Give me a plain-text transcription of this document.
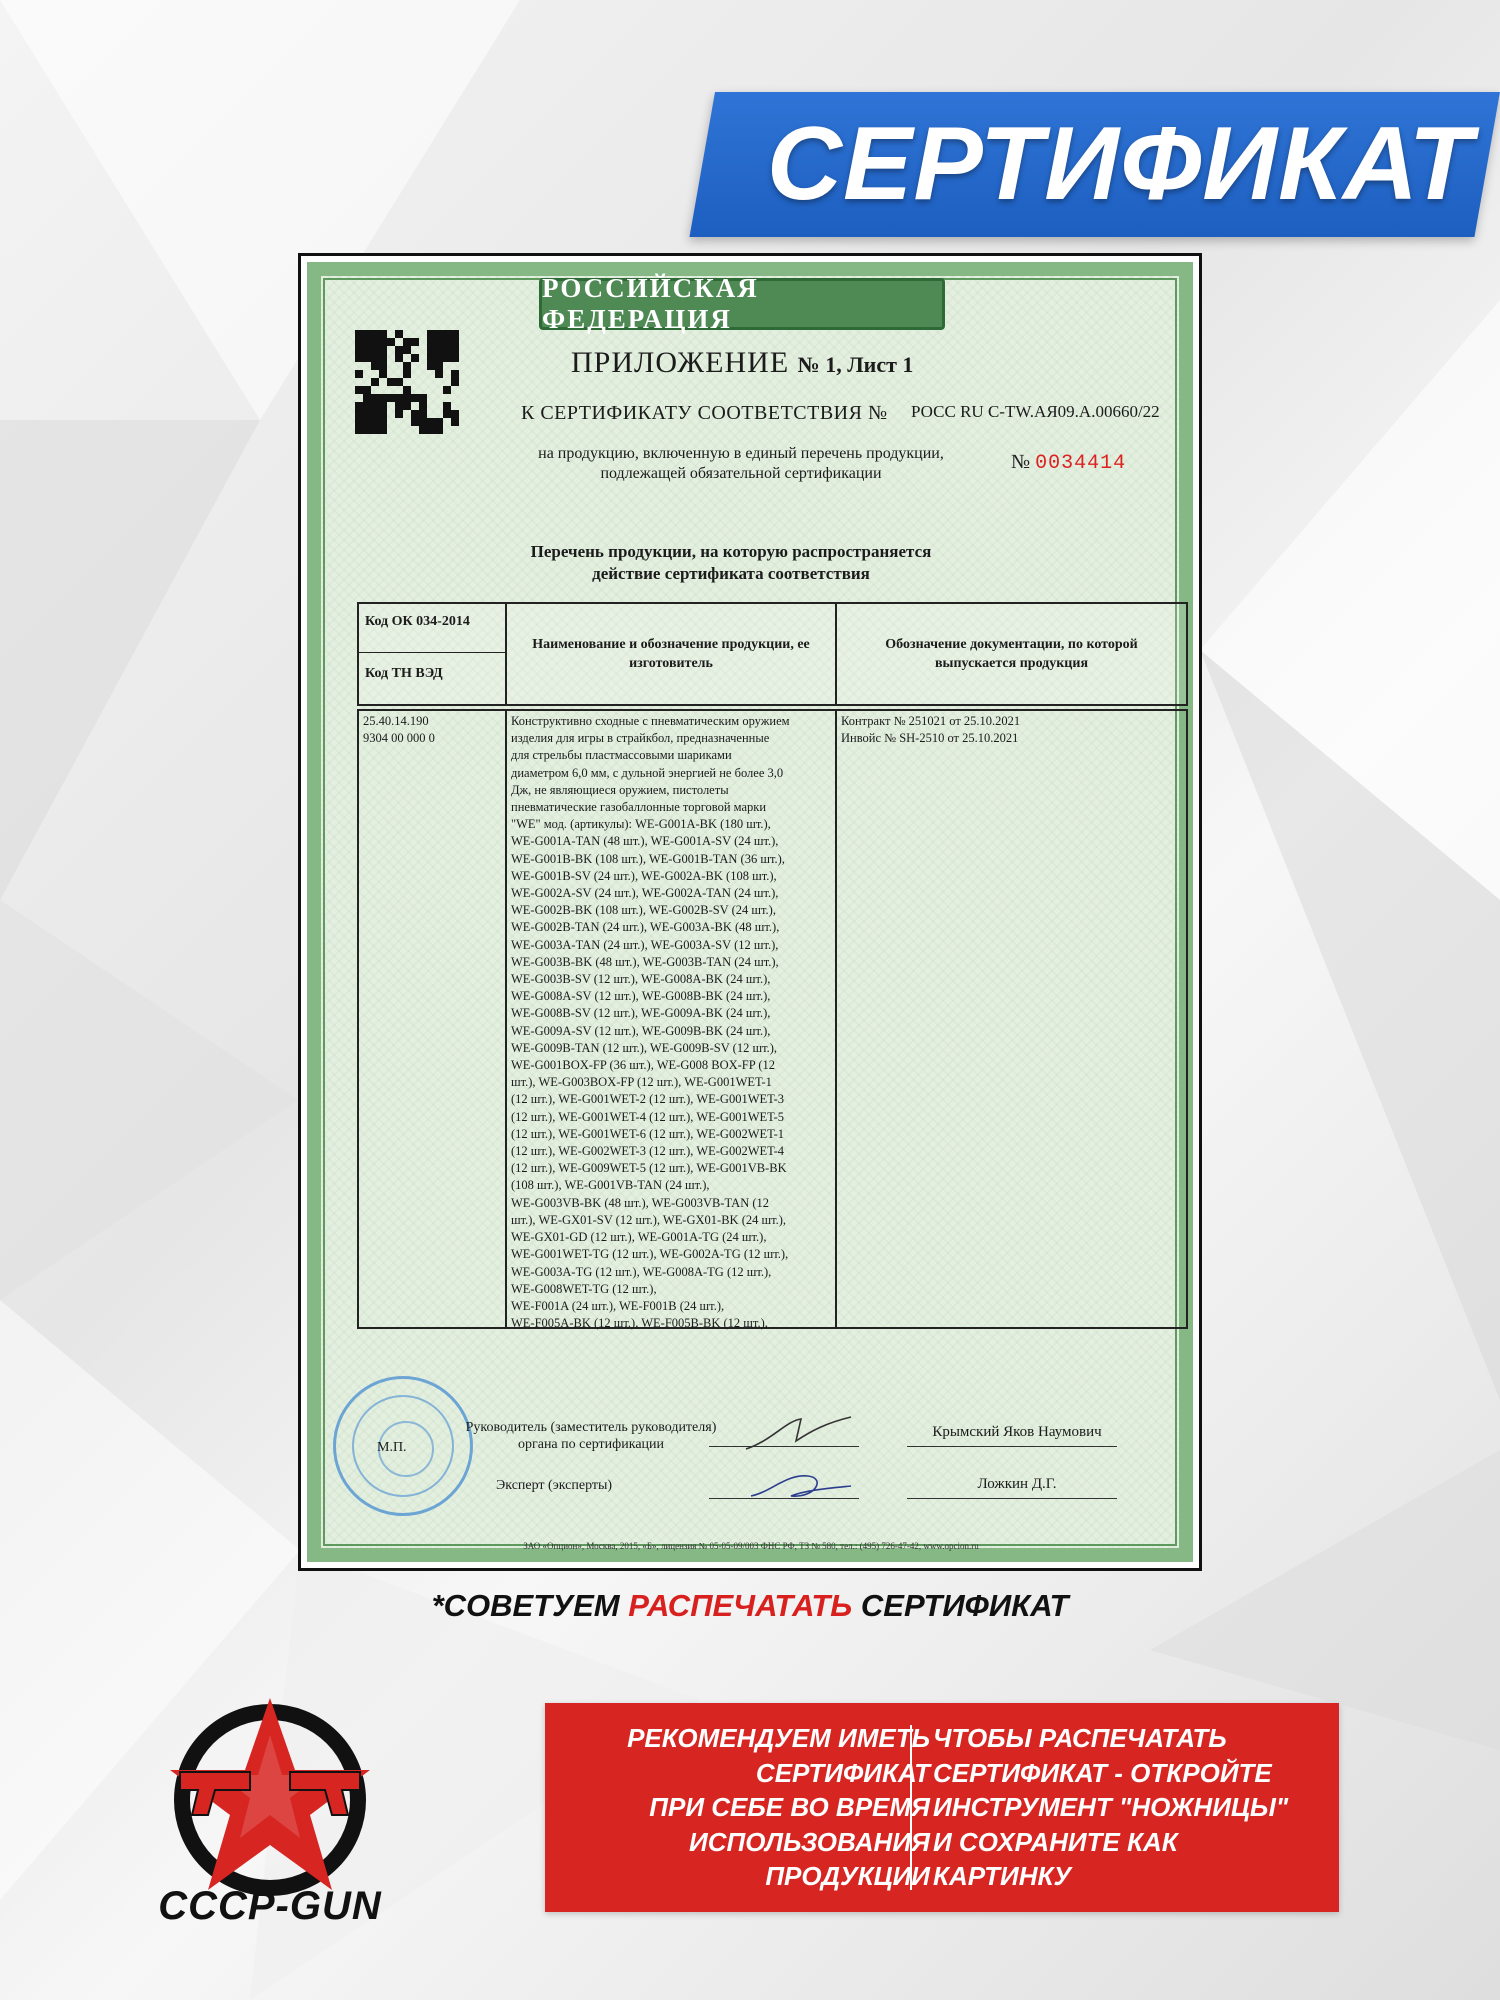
СЕРТИФИКАТ
РОССИЙСКАЯ ФЕДЕРАЦИЯ
ПРИЛОЖЕНИЕ № 1, Лист 1
К СЕРТИФИКАТУ СООТВЕТСТВИЯ № РОСС RU С-TW.АЯ09.А.00660/22
на продукцию, включенную в единый перечень продукции,
подлежащей обязательной сертификации
№ 0034414
Перечень продукции, на которую распространяется
действие сертификата соответствия
Код ОК 034-2014
Код ТН ВЭД
Наименование и обозначение продукции, ее изготовитель
Обозначение документации, по которой выпускается продукция
25.40.14.190
9304 00 000 0
Конструктивно сходные с пневматическим оружием
изделия для игры в страйкбол, предназначенные
для стрельбы пластмассовыми шариками
диаметром 6,0 мм, с дульной энергией не более 3,0
Дж, не являющиеся оружием, пистолеты
пневматические газобаллонные торговой марки
"WE" мод. (артикулы): WE-G001A-BK (180 шт.),
WE-G001A-TAN (48 шт.), WE-G001A-SV (24 шт.),
WE-G001B-BK (108 шт.), WE-G001B-TAN (36 шт.),
WE-G001B-SV (24 шт.), WE-G002A-BK (108 шт.),
WE-G002A-SV (24 шт.), WE-G002A-TAN (24 шт.),
WE-G002B-BK (108 шт.), WE-G002B-SV (24 шт.),
WE-G002B-TAN (24 шт.), WE-G003A-BK (48 шт.),
WE-G003A-TAN (24 шт.), WE-G003A-SV (12 шт.),
WE-G003B-BK (48 шт.), WE-G003B-TAN (24 шт.),
WE-G003B-SV (12 шт.), WE-G008A-BK (24 шт.),
WE-G008A-SV (12 шт.), WE-G008B-BK (24 шт.),
WE-G008B-SV (12 шт.), WE-G009A-BK (24 шт.),
WE-G009A-SV (12 шт.), WE-G009B-BK (24 шт.),
WE-G009B-TAN (12 шт.), WE-G009B-SV (12 шт.),
WE-G001BOX-FP (36 шт.), WE-G008 BOX-FP (12
шт.), WE-G003BOX-FP (12 шт.), WE-G001WET-1
(12 шт.), WE-G001WET-2 (12 шт.), WE-G001WET-3
(12 шт.), WE-G001WET-4 (12 шт.), WE-G001WET-5
(12 шт.), WE-G001WET-6 (12 шт.), WE-G002WET-1
(12 шт.), WE-G002WET-3 (12 шт.), WE-G002WET-4
(12 шт.), WE-G009WET-5 (12 шт.), WE-G001VB-BK
(108 шт.), WE-G001VB-TAN (24 шт.),
WE-G003VB-BK (48 шт.), WE-G003VB-TAN (12
шт.), WE-GX01-SV (12 шт.), WE-GX01-BK (24 шт.),
WE-GX01-GD (12 шт.), WE-G001A-TG (24 шт.),
WE-G001WET-TG (12 шт.), WE-G002A-TG (12 шт.),
WE-G003A-TG (12 шт.), WE-G008A-TG (12 шт.),
WE-G008WET-TG (12 шт.),
WE-F001A (24 шт.), WE-F001B (24 шт.),
WE-F005A-BK (12 шт.), WE-F005B-BK (12 шт.),
Контракт № 251021 от 25.10.2021
Инвойс № SH-2510 от 25.10.2021
Руководитель (заместитель руководителя)
органа по сертификации
М.П.
Эксперт (эксперты)
Крымский Яков Наумович
Ложкин Д.Г.
ЗАО «Опцион», Москва, 2015, «Б», лицензия № 05-05-09/003 ФНС РФ, ТЗ № 580, тел.: (495) 726-47-42, www.opcion.ru
*СОВЕТУЕМ РАСПЕЧАТАТЬ СЕРТИФИКАТ
CCCP-GUN
РЕКОМЕНДУЕМ ИМЕТЬ
СЕРТИФИКАТ
ПРИ СЕБЕ ВО ВРЕМЯ
ИСПОЛЬЗОВАНИЯ
ПРОДУКЦИИ
ЧТОБЫ РАСПЕЧАТАТЬ
СЕРТИФИКАТ - ОТКРОЙТЕ
ИНСТРУМЕНТ "НОЖНИЦЫ"
И СОХРАНИТЕ КАК
КАРТИНКУ
